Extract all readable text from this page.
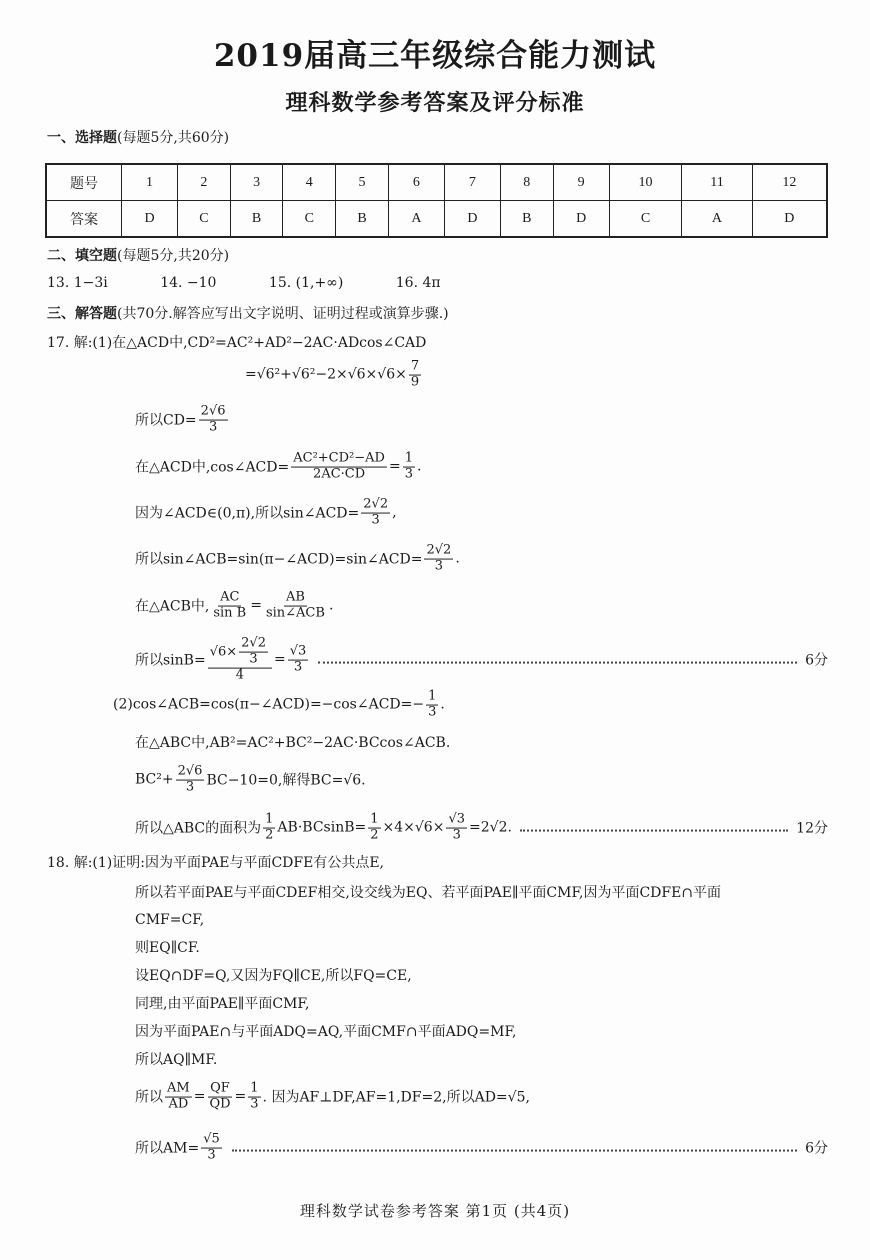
2019届高三年级综合能力测试
理科数学参考答案及评分标准
一、选择题(每题5分,共60分)
题号	1	2	3	4	5	6	7	8	9	10	11	12
答案	D	C	B	C	B	A	D	B	D	C	A	D
二、填空题(每题5分,共20分)
13. 1−3i	14. −10	15. (1,+∞)	16. 4π
三、解答题(共70分.解答应写出文字说明、证明过程或演算步骤.)
17. 解:(1)在△ACD中,CD²=AC²+AD²−2AC·ADcos∠CAD
$=√6^2+√6^2-2\times√6\times√6\times \frac{7}{9}$
所以$CD= \frac{2√6}{3}$
在△ACD中,cos∠ACD= $\frac{\text{AC²+CD²−AD}}{2AC\cdot CD} = \frac{1}{3}$ .
因为∠ACD∈(0,π),所以sin∠ACD= $\frac{2√2}{3}$ ,
所以sin∠ACB=sin(π−∠ACD)=sin∠ACD= $\frac{2√2}{3}$ .
在△ACB中, $\frac{AC}{\text{sin B}} = \frac{AB}{\text{sin∠ACB}}$ .
所以$\sin B= \frac{√6\times \frac{2√2}{3}}{4} = \frac{√3}{3}$	6分
(2)cos∠ACB=cos(π−∠ACD)=−cos∠ACD=− $\frac{1}{3}$ .
在△ABC中,AB²=AC²+BC²−2AC·BCcos∠ACB.
$BC^2+ \frac{2√6}{3} BC-10=0$,解得BC=√6.
所以△ABC的面积为 $\frac{1}{2} AB\cdot BCsinB= \frac{1}{2} \times 4\times√6\times \frac{√3}{3} =2√2$.	12分
18. 解:(1)证明:因为平面PAE与平面CDFE有公共点E,
所以若平面PAE与平面CDEF相交,设交线为EQ、若平面PAE∥平面CMF,因为平面CDFE∩平面
CMF=CF,
则EQ∥CF.
设EQ∩DF=Q,又因为FQ∥CE,所以FQ=CE,
同理,由平面PAE∥平面CMF,
因为平面PAE∩与平面ADQ=AQ,平面CMF∩平面ADQ=MF,
所以AQ∥MF.
所以 $\frac{AM}{AD} = \frac{QF}{QD} = \frac{1}{3}$ . 因为AF⊥DF,AF=1,DF=2,所以AD=√5,
所以$AM= \frac{√5}{3}$	6分
理科数学试卷参考答案 第1页 (共4页)
